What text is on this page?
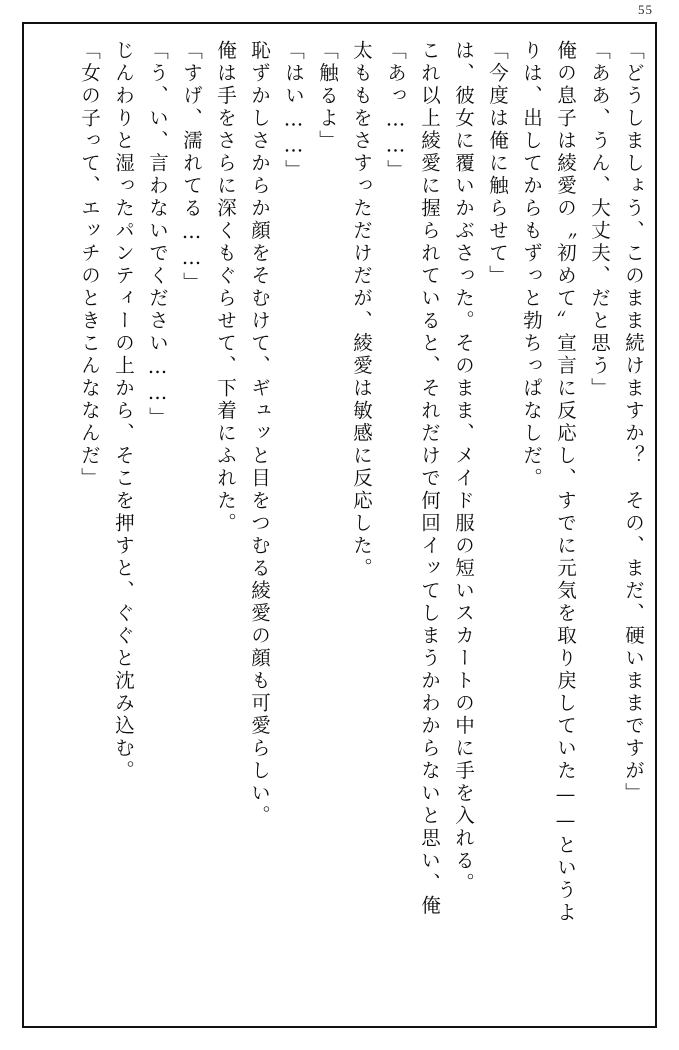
55
「どうしましょう、このまま続けますか？　その、まだ、硬いままですが」
「ああ、うん、大丈夫、だと思う」
俺の息子は綾愛の〝初めて〟宣言に反応し、すでに元気を取り戻していた——というよ
りは、出してからもずっと勃ちっぱなしだ。
「今度は俺に触らせて」
は、彼女に覆いかぶさった。そのまま、メイド服の短いスカートの中に手を入れる。
これ以上綾愛に握られていると、それだけで何回イッてしまうかわからないと思い、俺
「あっ……」
太ももをさすっただけだが、綾愛は敏感に反応した。
「触るよ」
「はい……」
恥ずかしさからか顔をそむけて、ギュッと目をつむる綾愛の顔も可愛らしい。
俺は手をさらに深くもぐらせて、下着にふれた。
「すげ、濡れてる……」
「う、い、言わないでください……」
じんわりと湿ったパンティーの上から、そこを押すと、ぐぐと沈み込む。
「女の子って、エッチのときこんななんだ」
